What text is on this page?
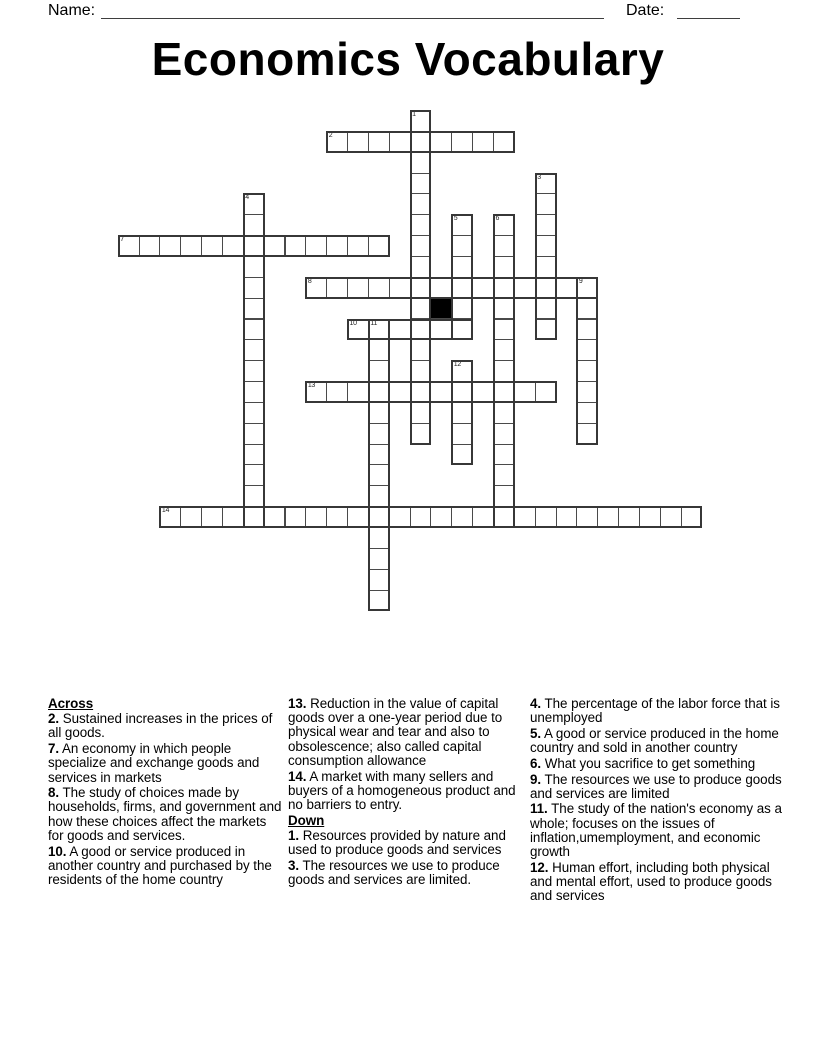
Name:	Date:
Economics Vocabulary
1
2
3
4
5	6
7
8	9
10 11
12
13
14
Across
2. Sustained increases in the prices of all goods.
7. An economy in which people specialize and exchange goods and services in markets
8. The study of choices made by households, firms, and government and how these choices affect the markets for goods and services.
10. A good or service produced in another country and purchased by the residents of the home country
13. Reduction in the value of capital goods over a one-year period due to physical wear and tear and also to obsolescence; also called capital consumption allowance
14. A market with many sellers and buyers of a homogeneous product and no barriers to entry.
Down
1. Resources provided by nature and used to produce goods and services
3. The resources we use to produce goods and services are limited.
4. The percentage of the labor force that is unemployed
5. A good or service produced in the home country and sold in another country
6. What you sacrifice to get something
9. The resources we use to produce goods and services are limited
11. The study of the nation's economy as a whole; focuses on the issues of inflation,umemployment, and economic growth
12. Human effort, including both physical and mental effort, used to produce goods and services
